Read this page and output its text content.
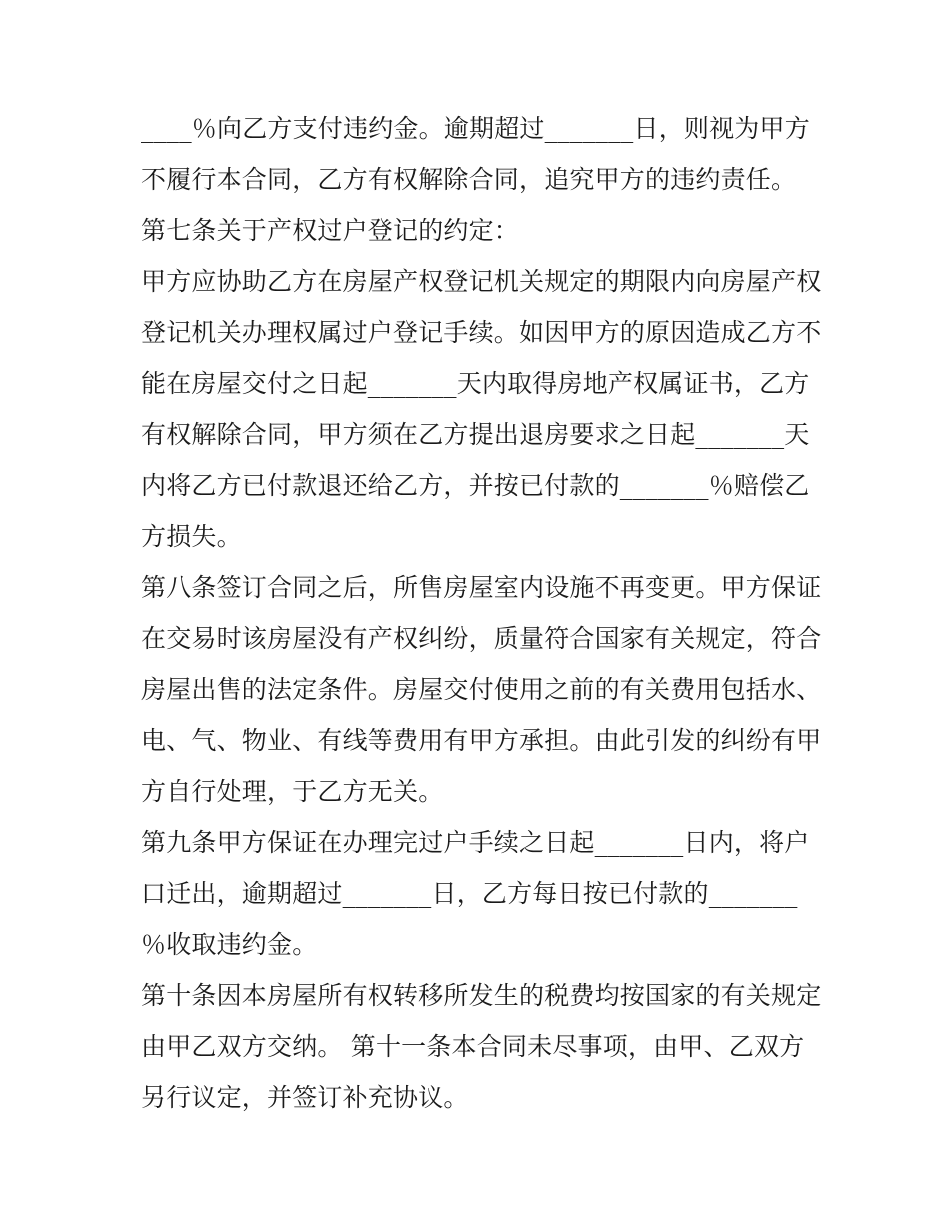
____％向乙方支付违约金。逾期超过_______日，则视为甲方
不履行本合同，乙方有权解除合同，追究甲方的违约责任。
第七条关于产权过户登记的约定：
甲方应协助乙方在房屋产权登记机关规定的期限内向房屋产权
登记机关办理权属过户登记手续。如因甲方的原因造成乙方不
能在房屋交付之日起_______天内取得房地产权属证书，乙方
有权解除合同，甲方须在乙方提出退房要求之日起_______天
内将乙方已付款退还给乙方，并按已付款的_______％赔偿乙
方损失。
第八条签订合同之后，所售房屋室内设施不再变更。甲方保证
在交易时该房屋没有产权纠纷，质量符合国家有关规定，符合
房屋出售的法定条件。房屋交付使用之前的有关费用包括水、
电、气、物业、有线等费用有甲方承担。由此引发的纠纷有甲
方自行处理，于乙方无关。
第九条甲方保证在办理完过户手续之日起_______日内，将户
口迁出，逾期超过_______日，乙方每日按已付款的_______
％收取违约金。
第十条因本房屋所有权转移所发生的税费均按国家的有关规定
由甲乙双方交纳。 第十一条本合同未尽事项，由甲、乙双方
另行议定，并签订补充协议。
